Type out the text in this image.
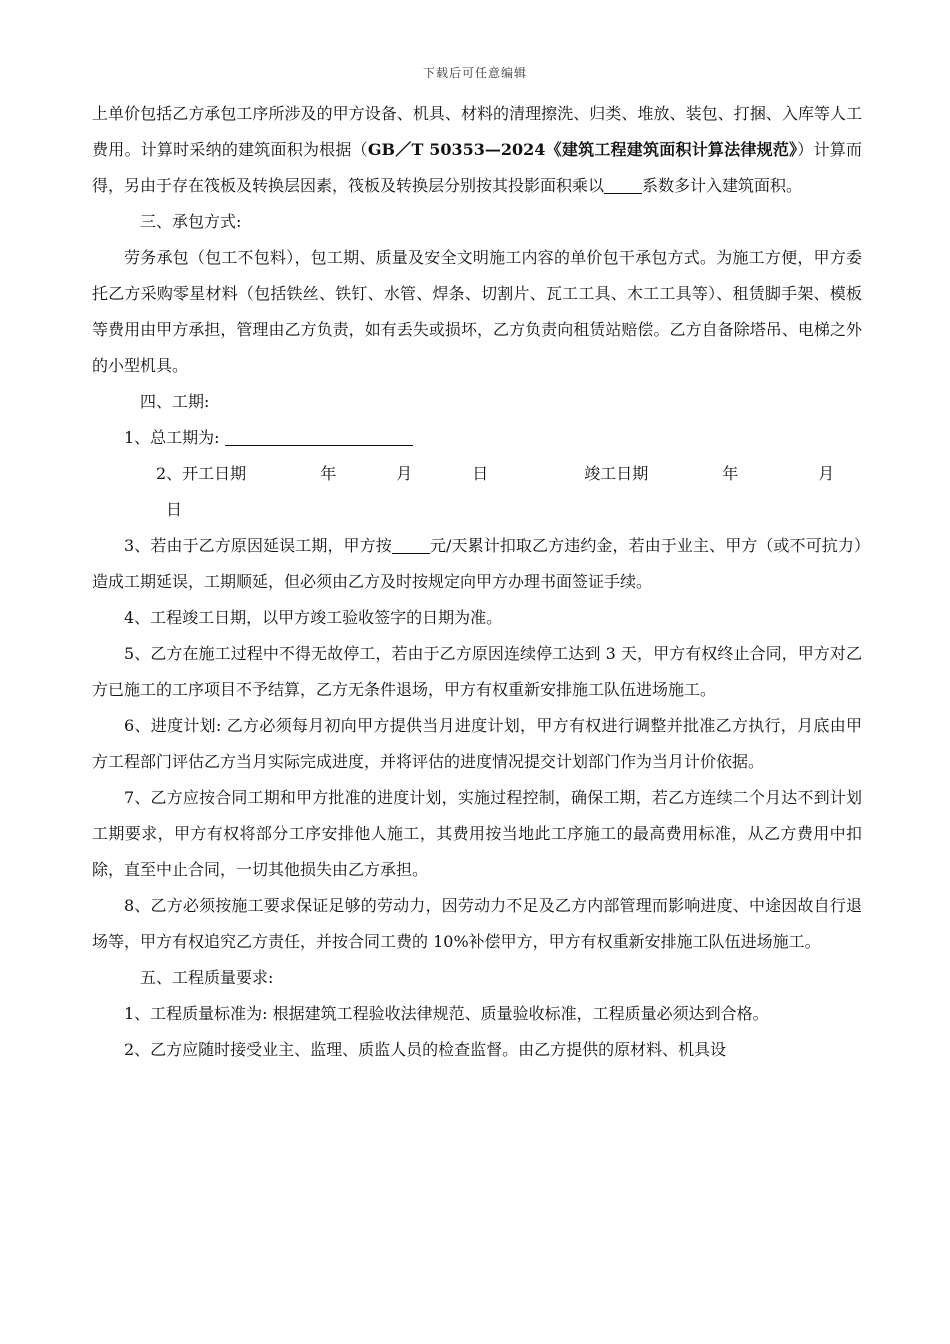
下载后可任意编辑

上单价包括乙方承包工序所涉及的甲方设备、机具、材料的清理擦洗、归类、堆放、装包、打捆、入库等人工费用。计算时采纳的建筑面积为根据（GB／T 50353—2024《建筑工程建筑面积计算法律规范》）计算而得，另由于存在筏板及转换层因素，筏板及转换层分别按其投影面积乘以 系数多计入建筑面积。

三、承包方式:

劳务承包（包工不包料），包工期、质量及安全文明施工内容的单价包干承包方式。为施工方便，甲方委托乙方采购零星材料（包括铁丝、铁钉、水管、焊条、切割片、瓦工工具、木工工具等）、租赁脚手架、模板等费用由甲方承担，管理由乙方负责，如有丢失或损坏，乙方负责向租赁站赔偿。乙方自备除塔吊、电梯之外的小型机具。

四、工期:

1、总工期为:

2、开工日期	年	月	日	竣工日期	年	月日

3、若由于乙方原因延误工期，甲方按 元/天累计扣取乙方违约金，若由于业主、甲方（或不可抗力）造成工期延误，工期顺延，但必须由乙方及时按规定向甲方办理书面签证手续。

4、工程竣工日期，以甲方竣工验收签字的日期为准。

5、乙方在施工过程中不得无故停工，若由于乙方原因连续停工达到 3 天，甲方有权终止合同，甲方对乙方已施工的工序项目不予结算，乙方无条件退场，甲方有权重新安排施工队伍进场施工。

6、进度计划: 乙方必须每月初向甲方提供当月进度计划，甲方有权进行调整并批准乙方执行，月底由甲方工程部门评估乙方当月实际完成进度，并将评估的进度情况提交计划部门作为当月计价依据。

7、乙方应按合同工期和甲方批准的进度计划，实施过程控制，确保工期，若乙方连续二个月达不到计划工期要求，甲方有权将部分工序安排他人施工，其费用按当地此工序施工的最高费用标准，从乙方费用中扣除，直至中止合同，一切其他损失由乙方承担。

8、乙方必须按施工要求保证足够的劳动力，因劳动力不足及乙方内部管理而影响进度、中途因故自行退场等，甲方有权追究乙方责任，并按合同工费的 10%补偿甲方，甲方有权重新安排施工队伍进场施工。

五、工程质量要求:

1、工程质量标准为: 根据建筑工程验收法律规范、质量验收标准，工程质量必须达到合格。

2、乙方应随时接受业主、监理、质监人员的检查监督。由乙方提供的原材料、机具设
